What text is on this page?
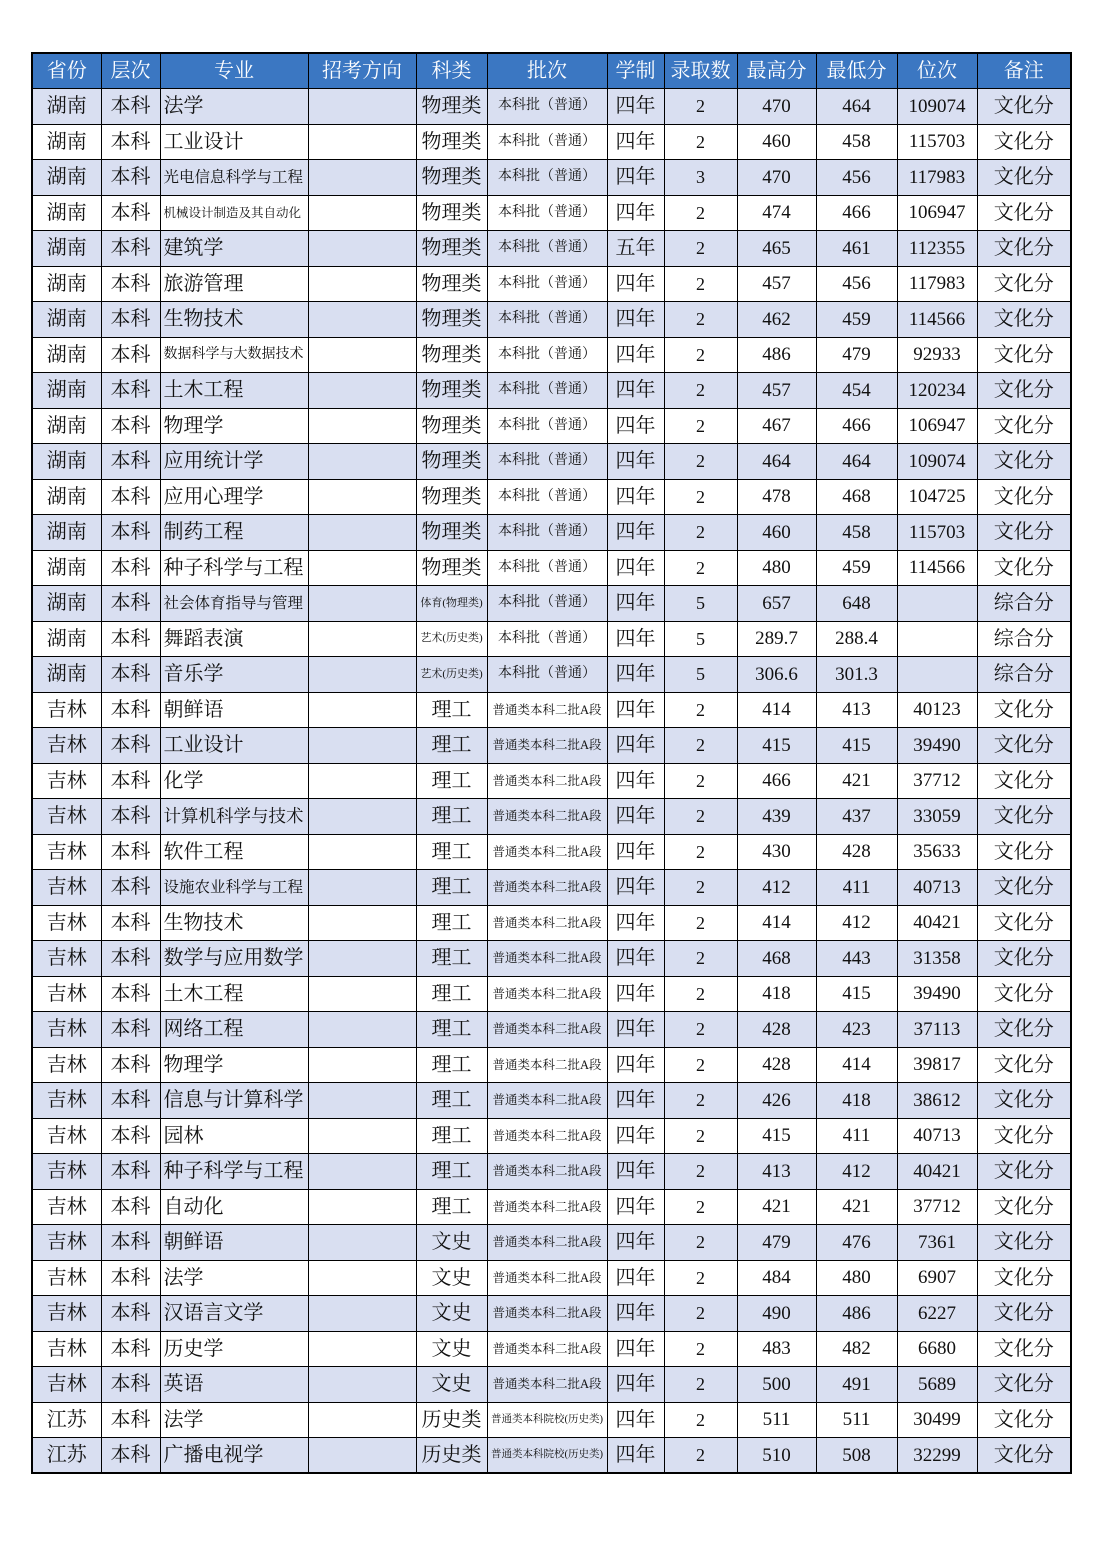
省份	层次	专业	招考方向	科类	批次	学制	录取数	最高分	最低分	位次	备注
湖南	本科	法学		物理类	本科批（普通）	四年	2	470	464	109074	文化分
湖南	本科	工业设计		物理类	本科批（普通）	四年	2	460	458	115703	文化分
湖南	本科	光电信息科学与工程		物理类	本科批（普通）	四年	3	470	456	117983	文化分
湖南	本科	机械设计制造及其自动化		物理类	本科批（普通）	四年	2	474	466	106947	文化分
湖南	本科	建筑学		物理类	本科批（普通）	五年	2	465	461	112355	文化分
湖南	本科	旅游管理		物理类	本科批（普通）	四年	2	457	456	117983	文化分
湖南	本科	生物技术		物理类	本科批（普通）	四年	2	462	459	114566	文化分
湖南	本科	数据科学与大数据技术		物理类	本科批（普通）	四年	2	486	479	92933	文化分
湖南	本科	土木工程		物理类	本科批（普通）	四年	2	457	454	120234	文化分
湖南	本科	物理学		物理类	本科批（普通）	四年	2	467	466	106947	文化分
湖南	本科	应用统计学		物理类	本科批（普通）	四年	2	464	464	109074	文化分
湖南	本科	应用心理学		物理类	本科批（普通）	四年	2	478	468	104725	文化分
湖南	本科	制药工程		物理类	本科批（普通）	四年	2	460	458	115703	文化分
湖南	本科	种子科学与工程		物理类	本科批（普通）	四年	2	480	459	114566	文化分
湖南	本科	社会体育指导与管理		体育(物理类)	本科批（普通）	四年	5	657	648		综合分
湖南	本科	舞蹈表演		艺术(历史类)	本科批（普通）	四年	5	289.7	288.4		综合分
湖南	本科	音乐学		艺术(历史类)	本科批（普通）	四年	5	306.6	301.3		综合分
吉林	本科	朝鲜语		理工	普通类本科二批A段	四年	2	414	413	40123	文化分
吉林	本科	工业设计		理工	普通类本科二批A段	四年	2	415	415	39490	文化分
吉林	本科	化学		理工	普通类本科二批A段	四年	2	466	421	37712	文化分
吉林	本科	计算机科学与技术		理工	普通类本科二批A段	四年	2	439	437	33059	文化分
吉林	本科	软件工程		理工	普通类本科二批A段	四年	2	430	428	35633	文化分
吉林	本科	设施农业科学与工程		理工	普通类本科二批A段	四年	2	412	411	40713	文化分
吉林	本科	生物技术		理工	普通类本科二批A段	四年	2	414	412	40421	文化分
吉林	本科	数学与应用数学		理工	普通类本科二批A段	四年	2	468	443	31358	文化分
吉林	本科	土木工程		理工	普通类本科二批A段	四年	2	418	415	39490	文化分
吉林	本科	网络工程		理工	普通类本科二批A段	四年	2	428	423	37113	文化分
吉林	本科	物理学		理工	普通类本科二批A段	四年	2	428	414	39817	文化分
吉林	本科	信息与计算科学		理工	普通类本科二批A段	四年	2	426	418	38612	文化分
吉林	本科	园林		理工	普通类本科二批A段	四年	2	415	411	40713	文化分
吉林	本科	种子科学与工程		理工	普通类本科二批A段	四年	2	413	412	40421	文化分
吉林	本科	自动化		理工	普通类本科二批A段	四年	2	421	421	37712	文化分
吉林	本科	朝鲜语		文史	普通类本科二批A段	四年	2	479	476	7361	文化分
吉林	本科	法学		文史	普通类本科二批A段	四年	2	484	480	6907	文化分
吉林	本科	汉语言文学		文史	普通类本科二批A段	四年	2	490	486	6227	文化分
吉林	本科	历史学		文史	普通类本科二批A段	四年	2	483	482	6680	文化分
吉林	本科	英语		文史	普通类本科二批A段	四年	2	500	491	5689	文化分
江苏	本科	法学		历史类	普通类本科院校(历史类)	四年	2	511	511	30499	文化分
江苏	本科	广播电视学		历史类	普通类本科院校(历史类)	四年	2	510	508	32299	文化分
